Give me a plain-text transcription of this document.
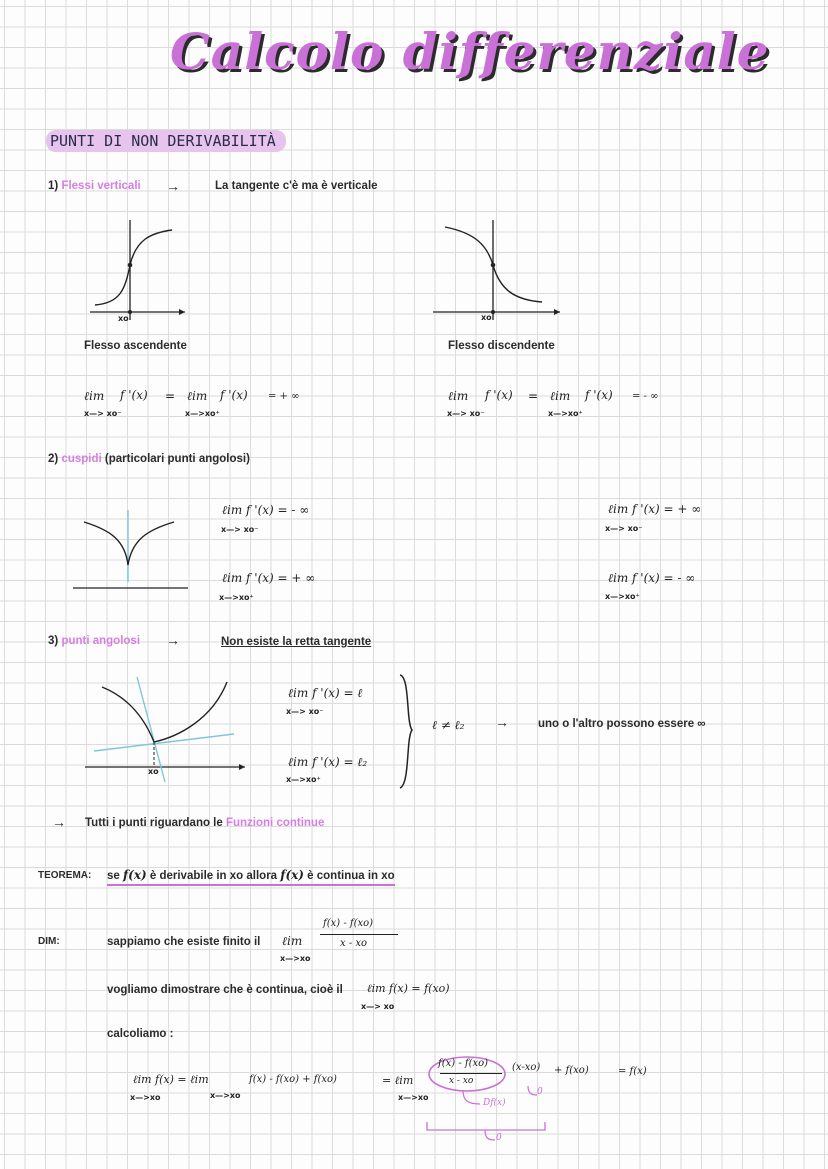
Calcolo differenziale
PUNTI DI NON DERIVABILITÀ
1) Flessi verticali →	La tangente c'è ma è verticale
xo	xo
Flesso ascendente	Flesso discendente
ℓim f '(x) = ℓim f '(x) = + ∞
x—> xo⁻	x—>xo⁺
ℓim f '(x) = ℓim f '(x) = - ∞
x—> xo⁻	x—>xo⁺
2) cuspidi (particolari punti angolosi)
ℓim f '(x) = - ∞
x—> xo⁻
ℓim f '(x) = + ∞
x—>xo⁺
ℓim f '(x) = + ∞
x—> xo⁻
ℓim f '(x) = - ∞
x—>xo⁺
3) punti angolosi →	Non esiste la retta tangente
xo
ℓim f '(x) = ℓ
x—> xo⁻
ℓim f '(x) = ℓ₂
x—>xo⁺
ℓ ≠ ℓ₂ →	uno o l'altro possono essere ∞
→ Tutti i punti riguardano le Funzioni continue
TEOREMA: se f(x) è derivabile in xo allora f(x) è continua in xo
DIM:	sappiamo che esiste finito il ℓim
x—>xo
f(x) - f(xo)
x - xo
vogliamo dimostrare che è continua, cioè il ℓim f(x) = f(xo)
x—> xo
calcoliamo :
ℓim f(x) = ℓim
x—>xo	x—>xo
f(x) - f(xo) + f(xo)	= ℓim
x—>xo
f(x) - f(xo)
x - xo
(x-xo) + f(xo)	= f(x)
Df(x)
0
0
